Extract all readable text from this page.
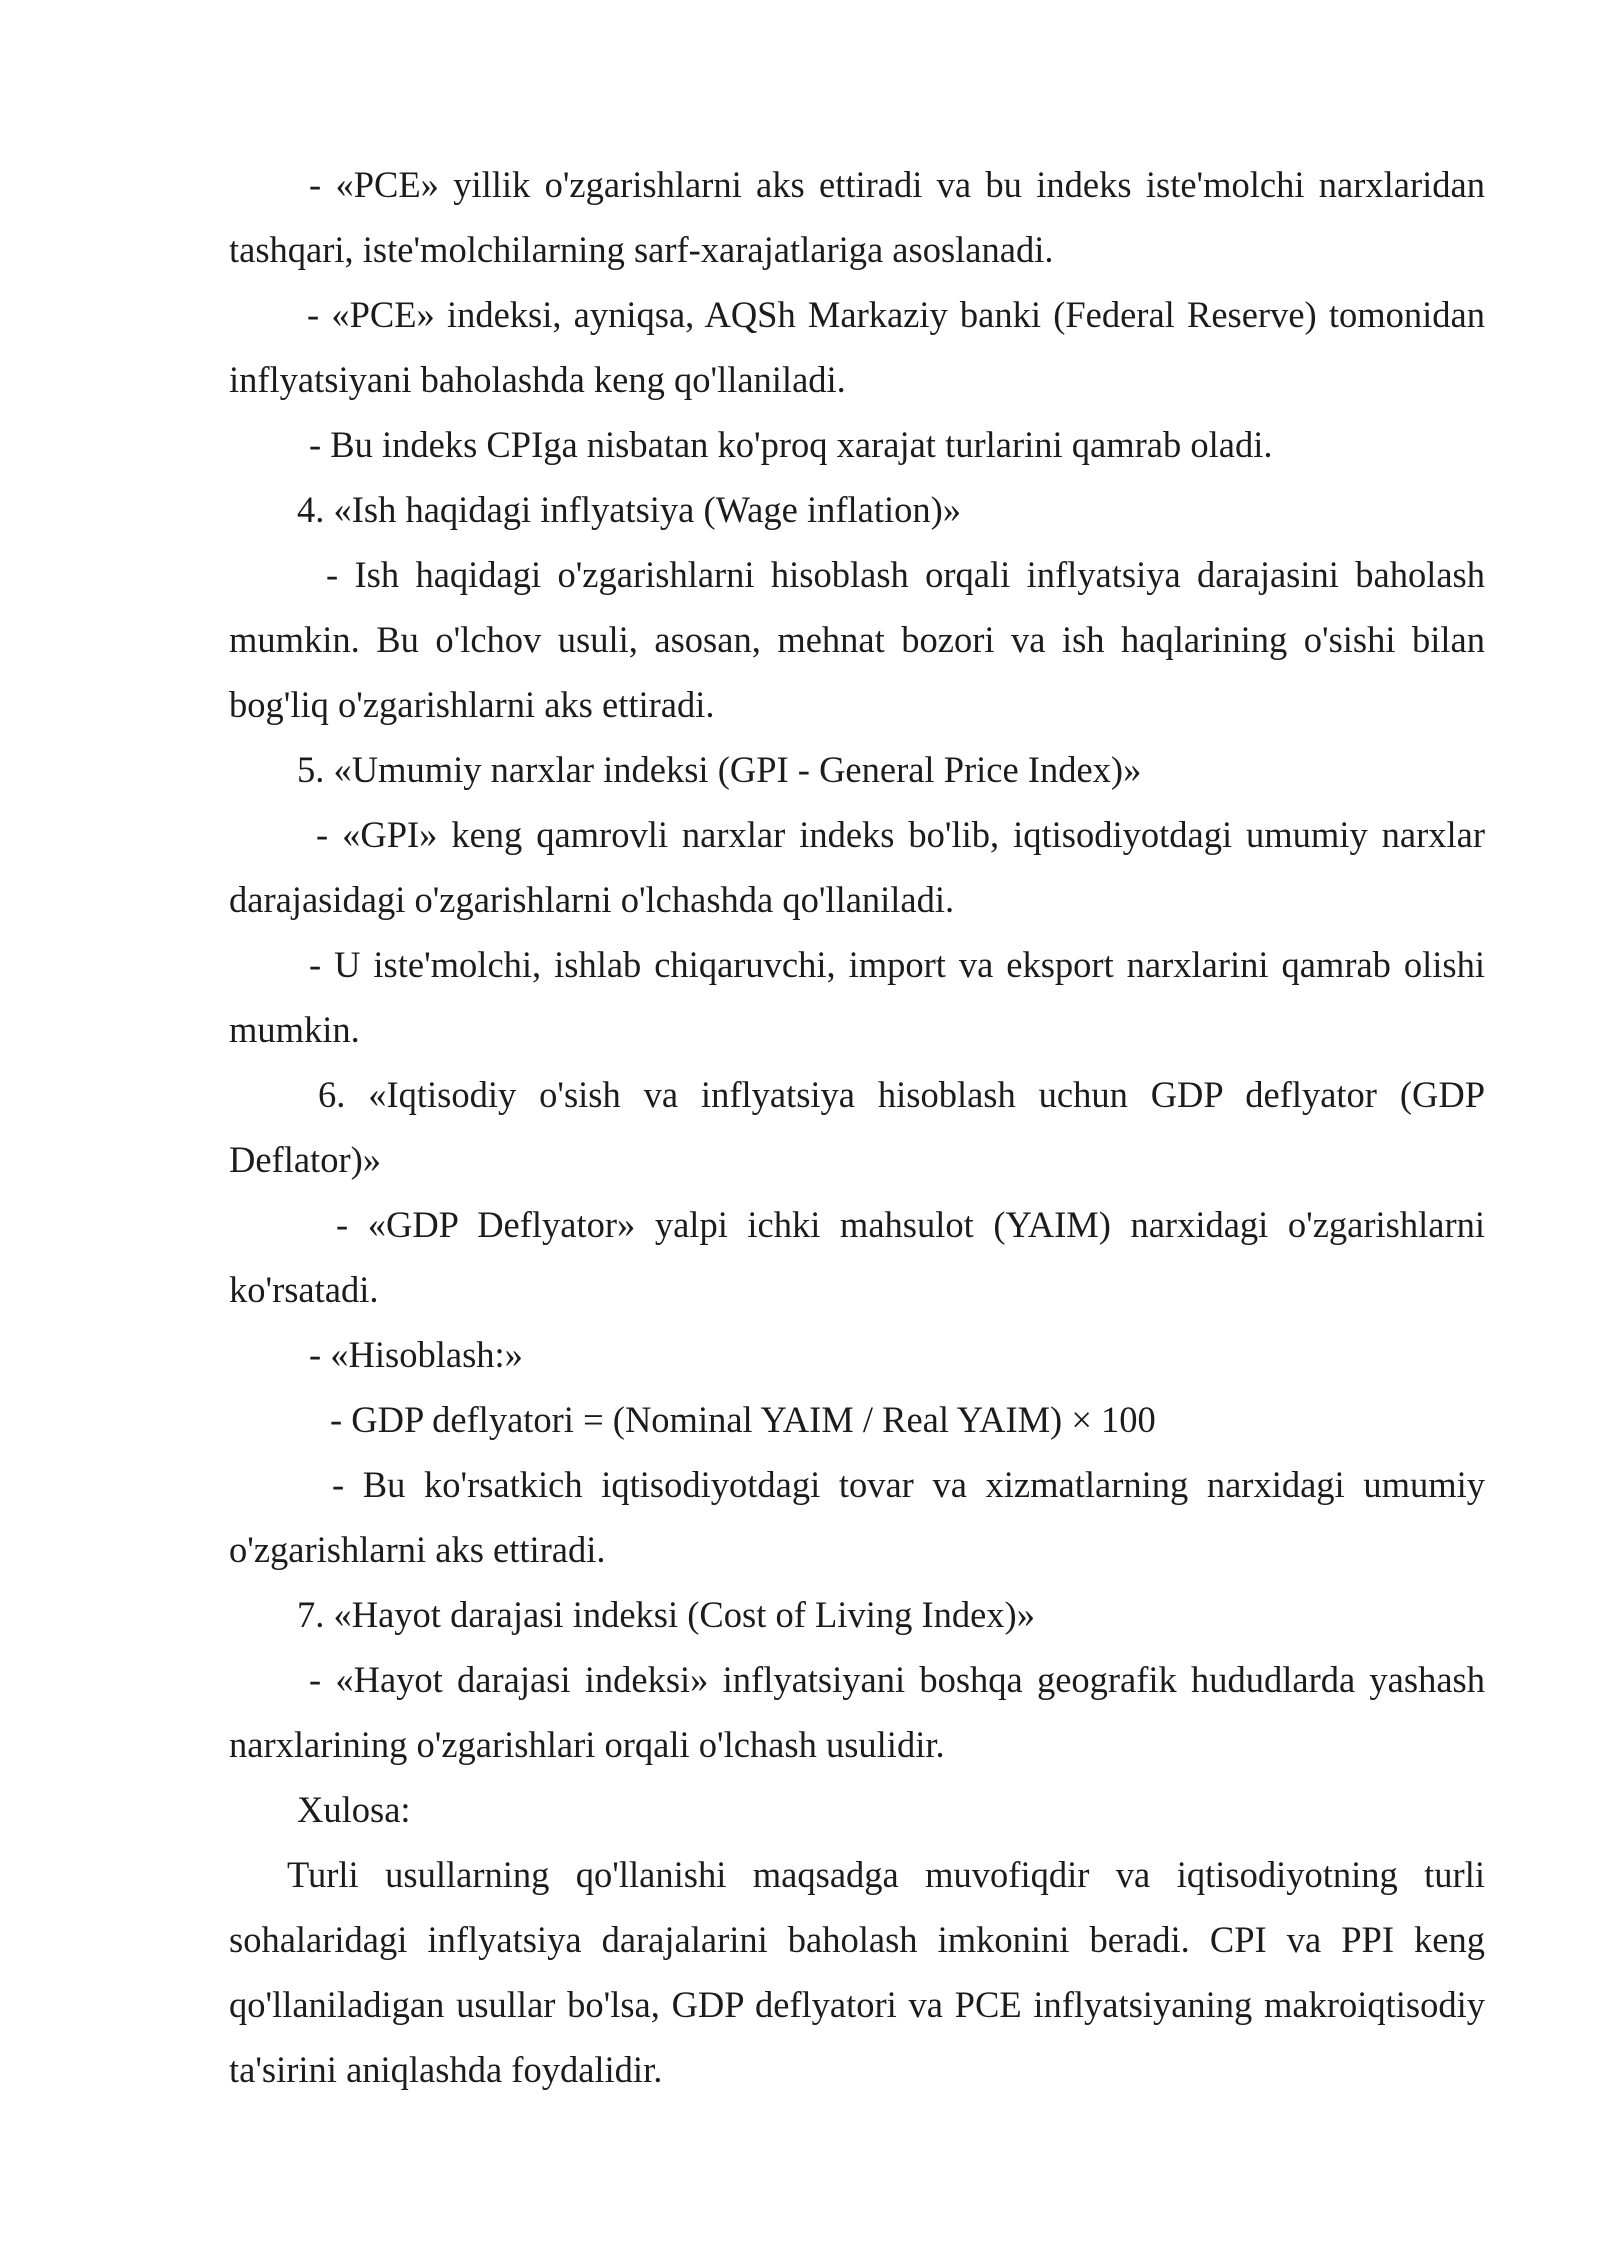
- «PCE» yillik o'zgarishlarni aks ettiradi va bu indeks iste'molchi narxlaridan tashqari, iste'molchilarning sarf-xarajatlariga asoslanadi.

- «PCE» indeksi, ayniqsa, AQSh Markaziy banki (Federal Reserve) tomonidan inflyatsiyani baholashda keng qo'llaniladi.

- Bu indeks CPIga nisbatan ko'proq xarajat turlarini qamrab oladi.

4. «Ish haqidagi inflyatsiya (Wage inflation)»

- Ish haqidagi o'zgarishlarni hisoblash orqali inflyatsiya darajasini baholash mumkin. Bu o'lchov usuli, asosan, mehnat bozori va ish haqlarining o'sishi bilan bog'liq o'zgarishlarni aks ettiradi.

5. «Umumiy narxlar indeksi (GPI - General Price Index)»

- «GPI» keng qamrovli narxlar indeks bo'lib, iqtisodiyotdagi umumiy narxlar darajasidagi o'zgarishlarni o'lchashda qo'llaniladi.

- U iste'molchi, ishlab chiqaruvchi, import va eksport narxlarini qamrab olishi mumkin.

6. «Iqtisodiy o'sish va inflyatsiya hisoblash uchun GDP deflyator (GDP Deflator)»

- «GDP Deflyator» yalpi ichki mahsulot (YAIM) narxidagi o'zgarishlarni ko'rsatadi.

- «Hisoblash:»

- GDP deflyatori = (Nominal YAIM / Real YAIM) × 100

- Bu ko'rsatkich iqtisodiyotdagi tovar va xizmatlarning narxidagi umumiy o'zgarishlarni aks ettiradi.

7. «Hayot darajasi indeksi (Cost of Living Index)»

- «Hayot darajasi indeksi» inflyatsiyani boshqa geografik hududlarda yashash narxlarining o'zgarishlari orqali o'lchash usulidir.

Xulosa:

Turli usullarning qo'llanishi maqsadga muvofiqdir va iqtisodiyotning turli sohalaridagi inflyatsiya darajalarini baholash imkonini beradi. CPI va PPI keng qo'llaniladigan usullar bo'lsa, GDP deflyatori va PCE inflyatsiyaning makroiqtisodiy ta'sirini aniqlashda foydalidir.
